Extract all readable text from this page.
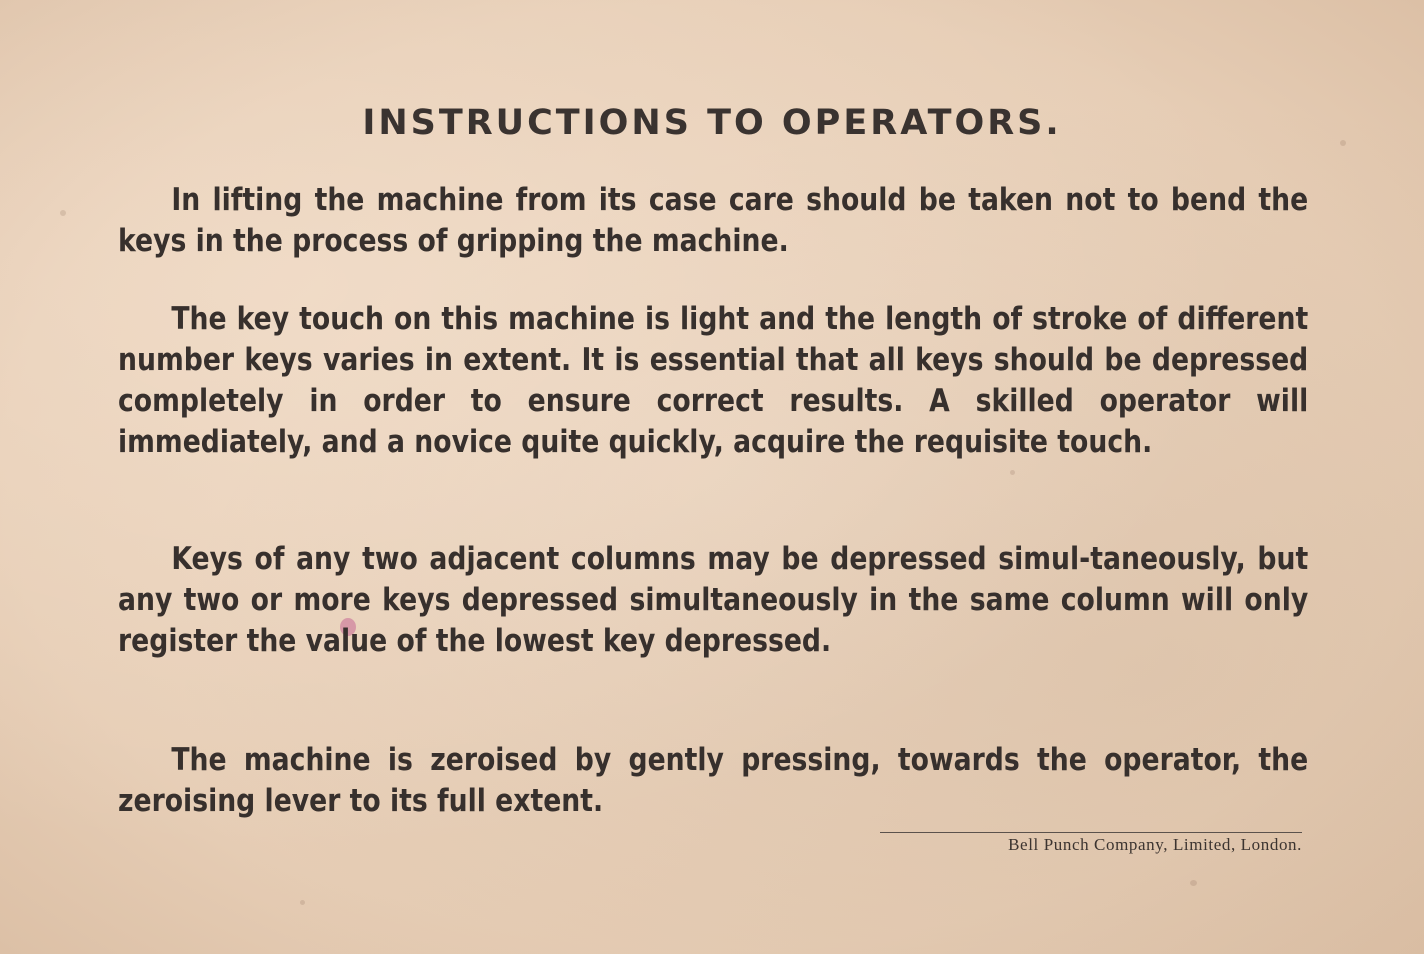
INSTRUCTIONS TO OPERATORS.

In lifting the machine from its case care should be taken not to bend the keys in the process of gripping the machine.

The key touch on this machine is light and the length of stroke of different number keys varies in extent. It is essential that all keys should be depressed completely in order to ensure correct results. A skilled operator will immediately, and a novice quite quickly, acquire the requisite touch.

Keys of any two adjacent columns may be depressed simul-taneously, but any two or more keys depressed simultaneously in the same column will only register the value of the lowest key depressed.

The machine is zeroised by gently pressing, towards the operator, the zeroising lever to its full extent.

Bell Punch Company, Limited, London.
